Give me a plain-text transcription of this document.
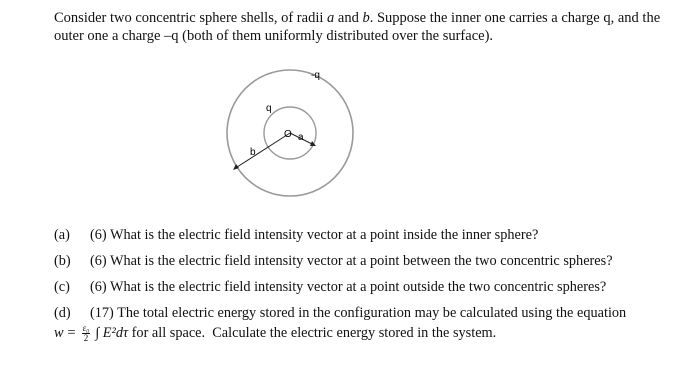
Consider two concentric sphere shells, of radii a and b. Suppose the inner one carries a charge q, and the outer one a charge –q (both of them uniformly distributed over the surface).

-q
q
O a
b
(a)	(6) What is the electric field intensity vector at a point inside the inner sphere?
(b)	(6) What is the electric field intensity vector at a point between the two concentric spheres?
(c)	(6) What is the electric field intensity vector at a point outside the two concentric spheres?
(d)	(17) The total electric energy stored in the configuration may be calculated using the equation
$w = \frac{\text{ε₀}}{2}$ ∫ E²dτ for all space.  Calculate the electric energy stored in the system.
